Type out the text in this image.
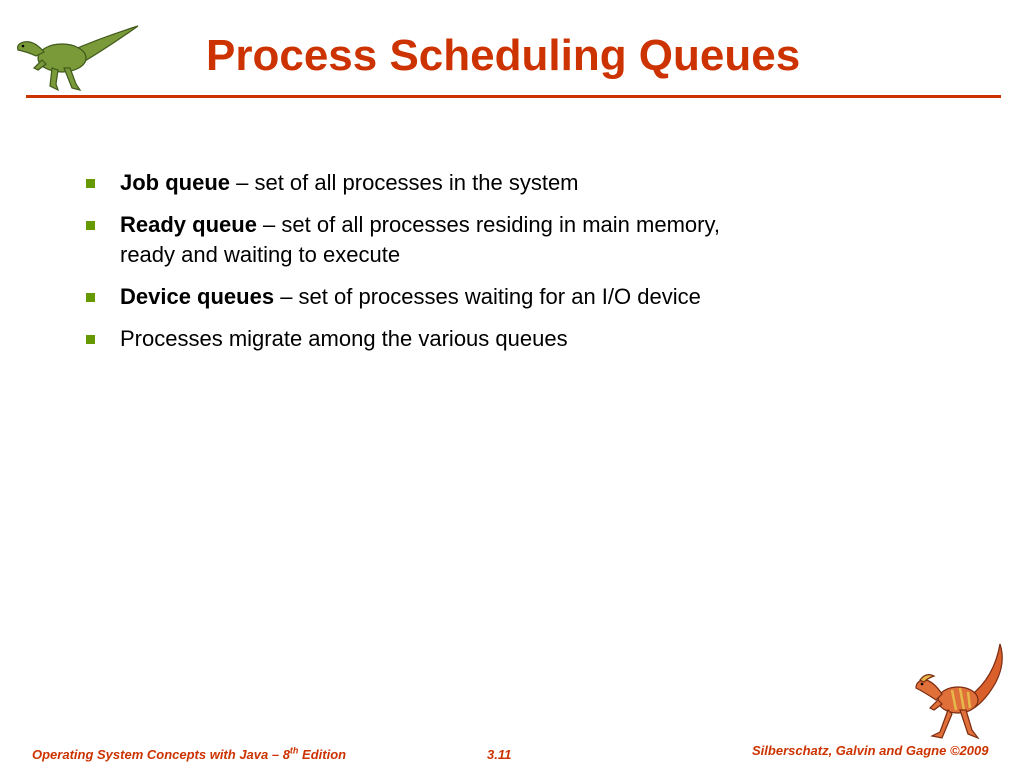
Process Scheduling Queues
Job queue – set of all processes in the system
Ready queue – set of all processes residing in main memory, ready and waiting to execute
Device queues – set of processes waiting for an I/O device
Processes migrate among the various queues
Operating System Concepts with Java – 8th Edition	3.11	Silberschatz, Galvin and Gagne ©2009
